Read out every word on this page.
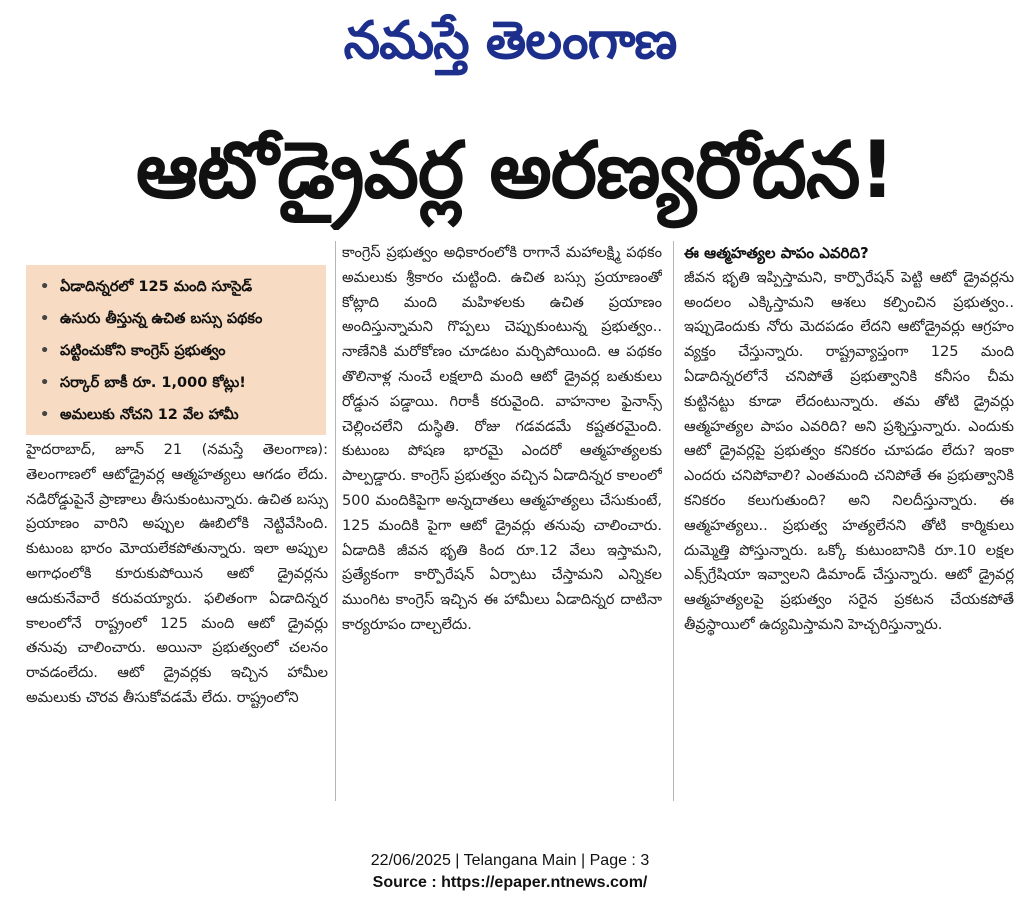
నమస్తే తెలంగాణ
ఆటోడ్రైవర్ల అరణ్యరోదన!
• ఏడాదిన్నరలో 125 మంది సూసైడ్
• ఉసురు తీస్తున్న ఉచిత బస్సు పథకం
• పట్టించుకోని కాంగ్రెస్ ప్రభుత్వం
• సర్కార్ బాకీ రూ. 1,000 కోట్లు!
• అమలుకు నోచని 12 వేల హామీ
హైదరాబాద్, జూన్ 21 (నమస్తే తెలంగాణ): తెలంగాణలో ఆటోడ్రైవర్ల ఆత్మహత్యలు ఆగడం లేదు. నడిరోడ్డుపైనే ప్రాణాలు తీసుకుంటున్నారు. ఉచిత బస్సు ప్రయాణం వారిని అప్పుల ఊబిలోకి నెట్టివేసింది. కుటుంబ భారం మోయలేకపోతున్నారు. ఇలా అప్పుల అగాధంలోకి కూరుకుపోయిన ఆటో డ్రైవర్లను ఆదుకునేవారే కరువయ్యారు. ఫలితంగా ఏడాదిన్నర కాలంలోనే రాష్ట్రంలో 125 మంది ఆటో డ్రైవర్లు తనువు చాలించారు. అయినా ప్రభుత్వంలో చలనం రావడంలేదు. ఆటో డ్రైవర్లకు ఇచ్చిన హామీల అమలుకు చొరవ తీసుకోవడమే లేదు. రాష్ట్రంలోని
కాంగ్రెస్ ప్రభుత్వం అధికారంలోకి రాగానే మహాలక్ష్మి పథకం అమలుకు శ్రీకారం చుట్టింది. ఉచిత బస్సు ప్రయాణంతో కోట్లాది మంది మహిళలకు ఉచిత ప్రయాణం అందిస్తున్నామని గొప్పలు చెప్పుకుంటున్న ప్రభుత్వం.. నాణేనికి మరోకోణం చూడటం మర్చిపోయింది. ఆ పథకం తొలినాళ్ల నుంచే లక్షలాది మంది ఆటో డ్రైవర్ల బతుకులు రోడ్డున పడ్డాయి. గిరాకీ కరువైంది. వాహనాల ఫైనాన్స్ చెల్లించలేని దుస్థితి. రోజు గడవడమే కష్టతరమైంది. కుటుంబ పోషణ భారమై ఎందరో ఆత్మహత్యలకు పాల్పడ్డారు. కాంగ్రెస్ ప్రభుత్వం వచ్చిన ఏడాదిన్నర కాలంలో 500 మందికిపైగా అన్నదాతలు ఆత్మహత్యలు చేసుకుంటే, 125 మందికి పైగా ఆటో డ్రైవర్లు తనువు చాలించారు. ఏడాదికి జీవన భృతి కింద రూ.12 వేలు ఇస్తామని, ప్రత్యేకంగా కార్పొరేషన్ ఏర్పాటు చేస్తామని ఎన్నికల ముంగిట కాంగ్రెస్ ఇచ్చిన ఈ హామీలు ఏడాదిన్నర దాటినా కార్యరూపం దాల్చలేదు.
ఈ ఆత్మహత్యల పాపం ఎవరిది?
జీవన భృతి ఇప్పిస్తామని, కార్పొరేషన్ పెట్టి ఆటో డ్రైవర్లను అందలం ఎక్కిస్తామని ఆశలు కల్పించిన ప్రభుత్వం.. ఇప్పుడెందుకు నోరు మెదపడం లేదని ఆటోడ్రైవర్లు ఆగ్రహం వ్యక్తం చేస్తున్నారు. రాష్ట్రవ్యాప్తంగా 125 మంది ఏడాదిన్నరలోనే చనిపోతే ప్రభుత్వానికి కనీసం చీమ కుట్టినట్టు కూడా లేదంటున్నారు. తమ తోటి డ్రైవర్లు ఆత్మహత్యల పాపం ఎవరిది? అని ప్రశ్నిస్తున్నారు. ఎందుకు ఆటో డ్రైవర్లపై ప్రభుత్వం కనికరం చూపడం లేదు? ఇంకా ఎందరు చనిపోవాలి? ఎంతమంది చనిపోతే ఈ ప్రభుత్వానికి కనికరం కలుగుతుంది? అని నిలదీస్తున్నారు. ఈ ఆత్మహత్యలు.. ప్రభుత్వ హత్యలేనని తోటి కార్మికులు దుమ్మెత్తి పోస్తున్నారు. ఒక్కో కుటుంబానికి రూ.10 లక్షల ఎక్స్‌గ్రేషియా ఇవ్వాలని డిమాండ్ చేస్తున్నారు. ఆటో డ్రైవర్ల ఆత్మహత్యలపై ప్రభుత్వం సరైన ప్రకటన చేయకపోతే తీవ్రస్థాయిలో ఉద్యమిస్తామని హెచ్చరిస్తున్నారు.
22/06/2025 | Telangana Main | Page : 3
Source : https://epaper.ntnews.com/
